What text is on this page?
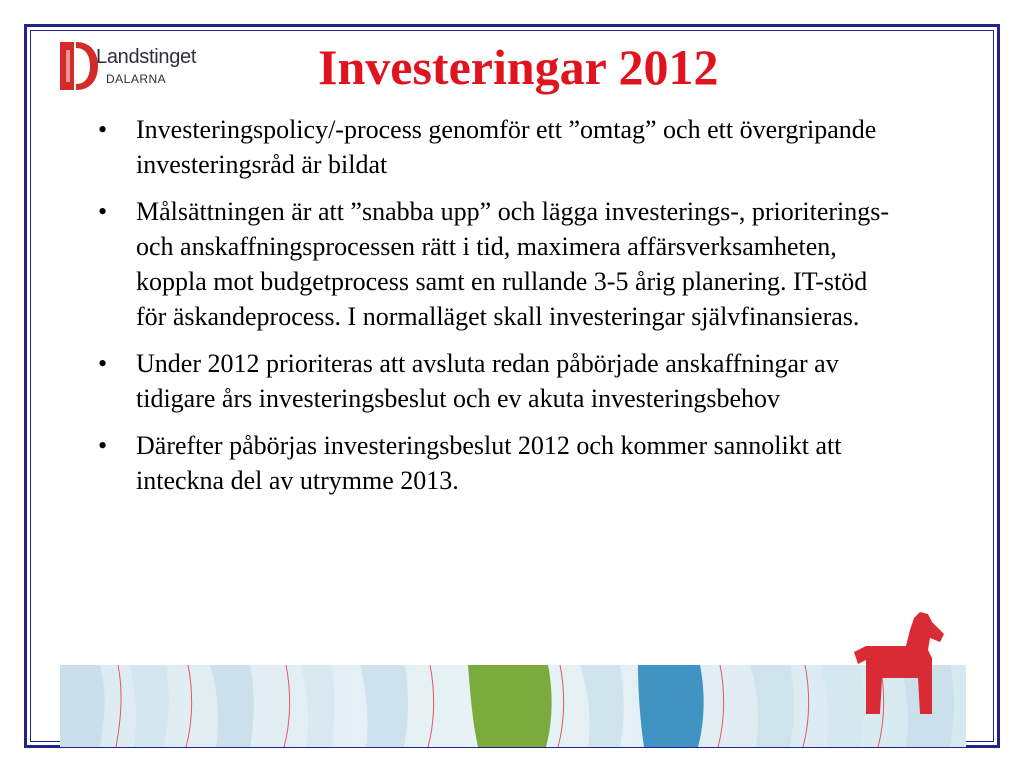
Landstinget
DALARNA	Investeringar 2012
• Investeringspolicy/-process genomför ett ”omtag” och ett övergripande investeringsråd är bildat
• Målsättningen är att ”snabba upp” och lägga investerings-, prioriterings- och anskaffningsprocessen rätt i tid, maximera affärsverksamheten, koppla mot budgetprocess samt en rullande 3-5 årig planering. IT-stöd för äskandeprocess. I normalläget skall investeringar självfinansieras.
• Under 2012 prioriteras att avsluta redan påbörjade anskaffningar av tidigare års investeringsbeslut och ev akuta investeringsbehov
• Därefter påbörjas investeringsbeslut 2012 och kommer sannolikt att inteckna del av utrymme 2013.
